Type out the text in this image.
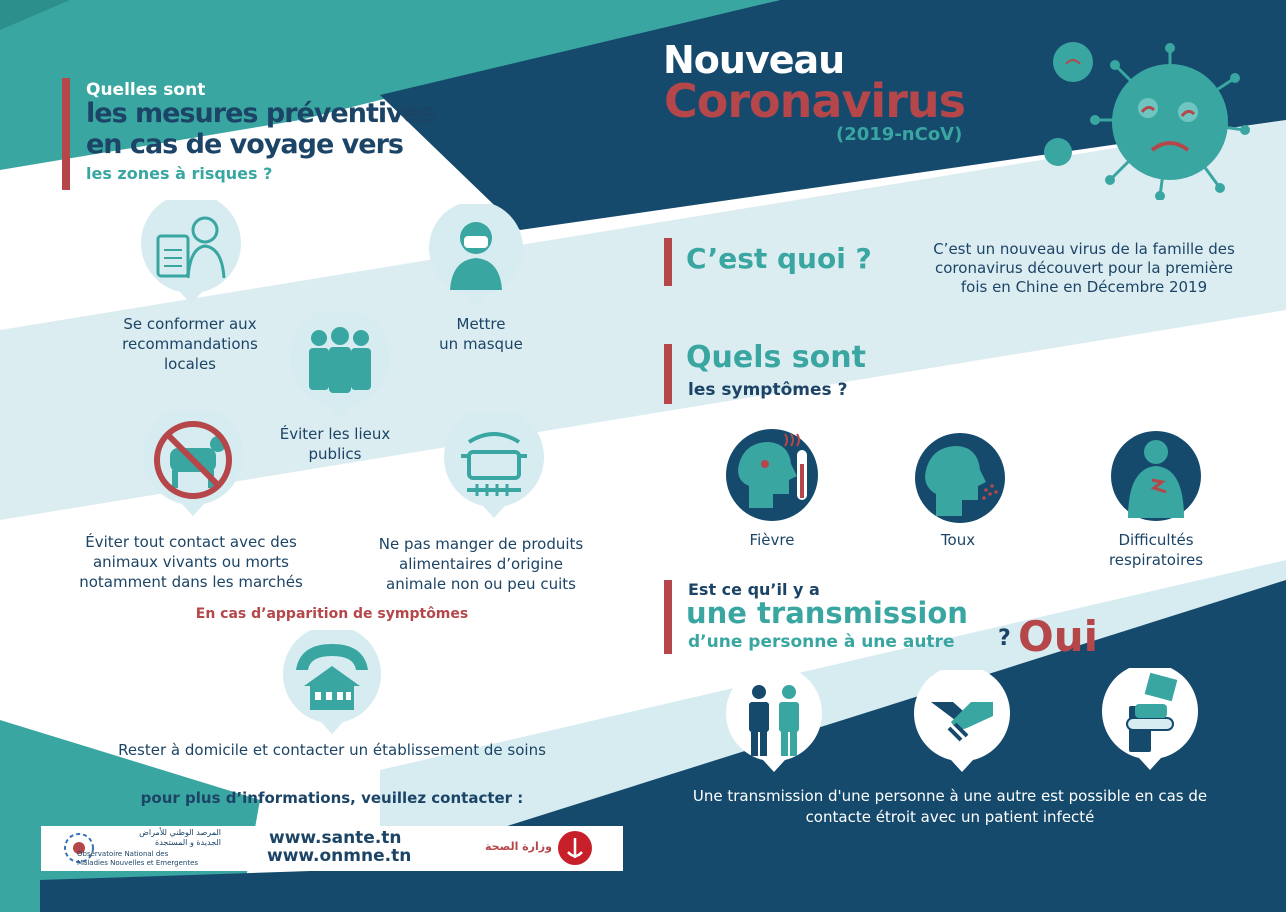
Nouveau
Coronavirus
(2019-nCoV)
Quelles sont
les mesures préventives
en cas de voyage vers
les zones à risques ?
Se conformer aux
recommandations
locales
Mettre
un masque
Éviter les lieux
publics
Éviter tout contact avec des
animaux vivants ou morts
notamment dans les marchés
Ne pas manger de produits
alimentaires d’origine
animale non ou peu cuits
En cas d’apparition de symptômes
Rester à domicile et contacter un établissement de soins
pour plus d’informations, veuillez contacter :
المرصد الوطني للأمراض
الجديدة و المستجدة
Observatoire National des
Maladies Nouvelles et Emergentes
www.sante.tn
www.onmne.tn	وزارة الصحة
C’est quoi ?	C’est un nouveau virus de la famille des
coronavirus découvert pour la première
fois en Chine en Décembre 2019
Quels sont
les symptômes ?
Fièvre	Toux	Difficultés
respiratoires
Est ce qu’il y a
une transmission
d’une personne à une autre ? Oui
Une transmission d'une personne à une autre est possible en cas de
contacte étroit avec un patient infecté
